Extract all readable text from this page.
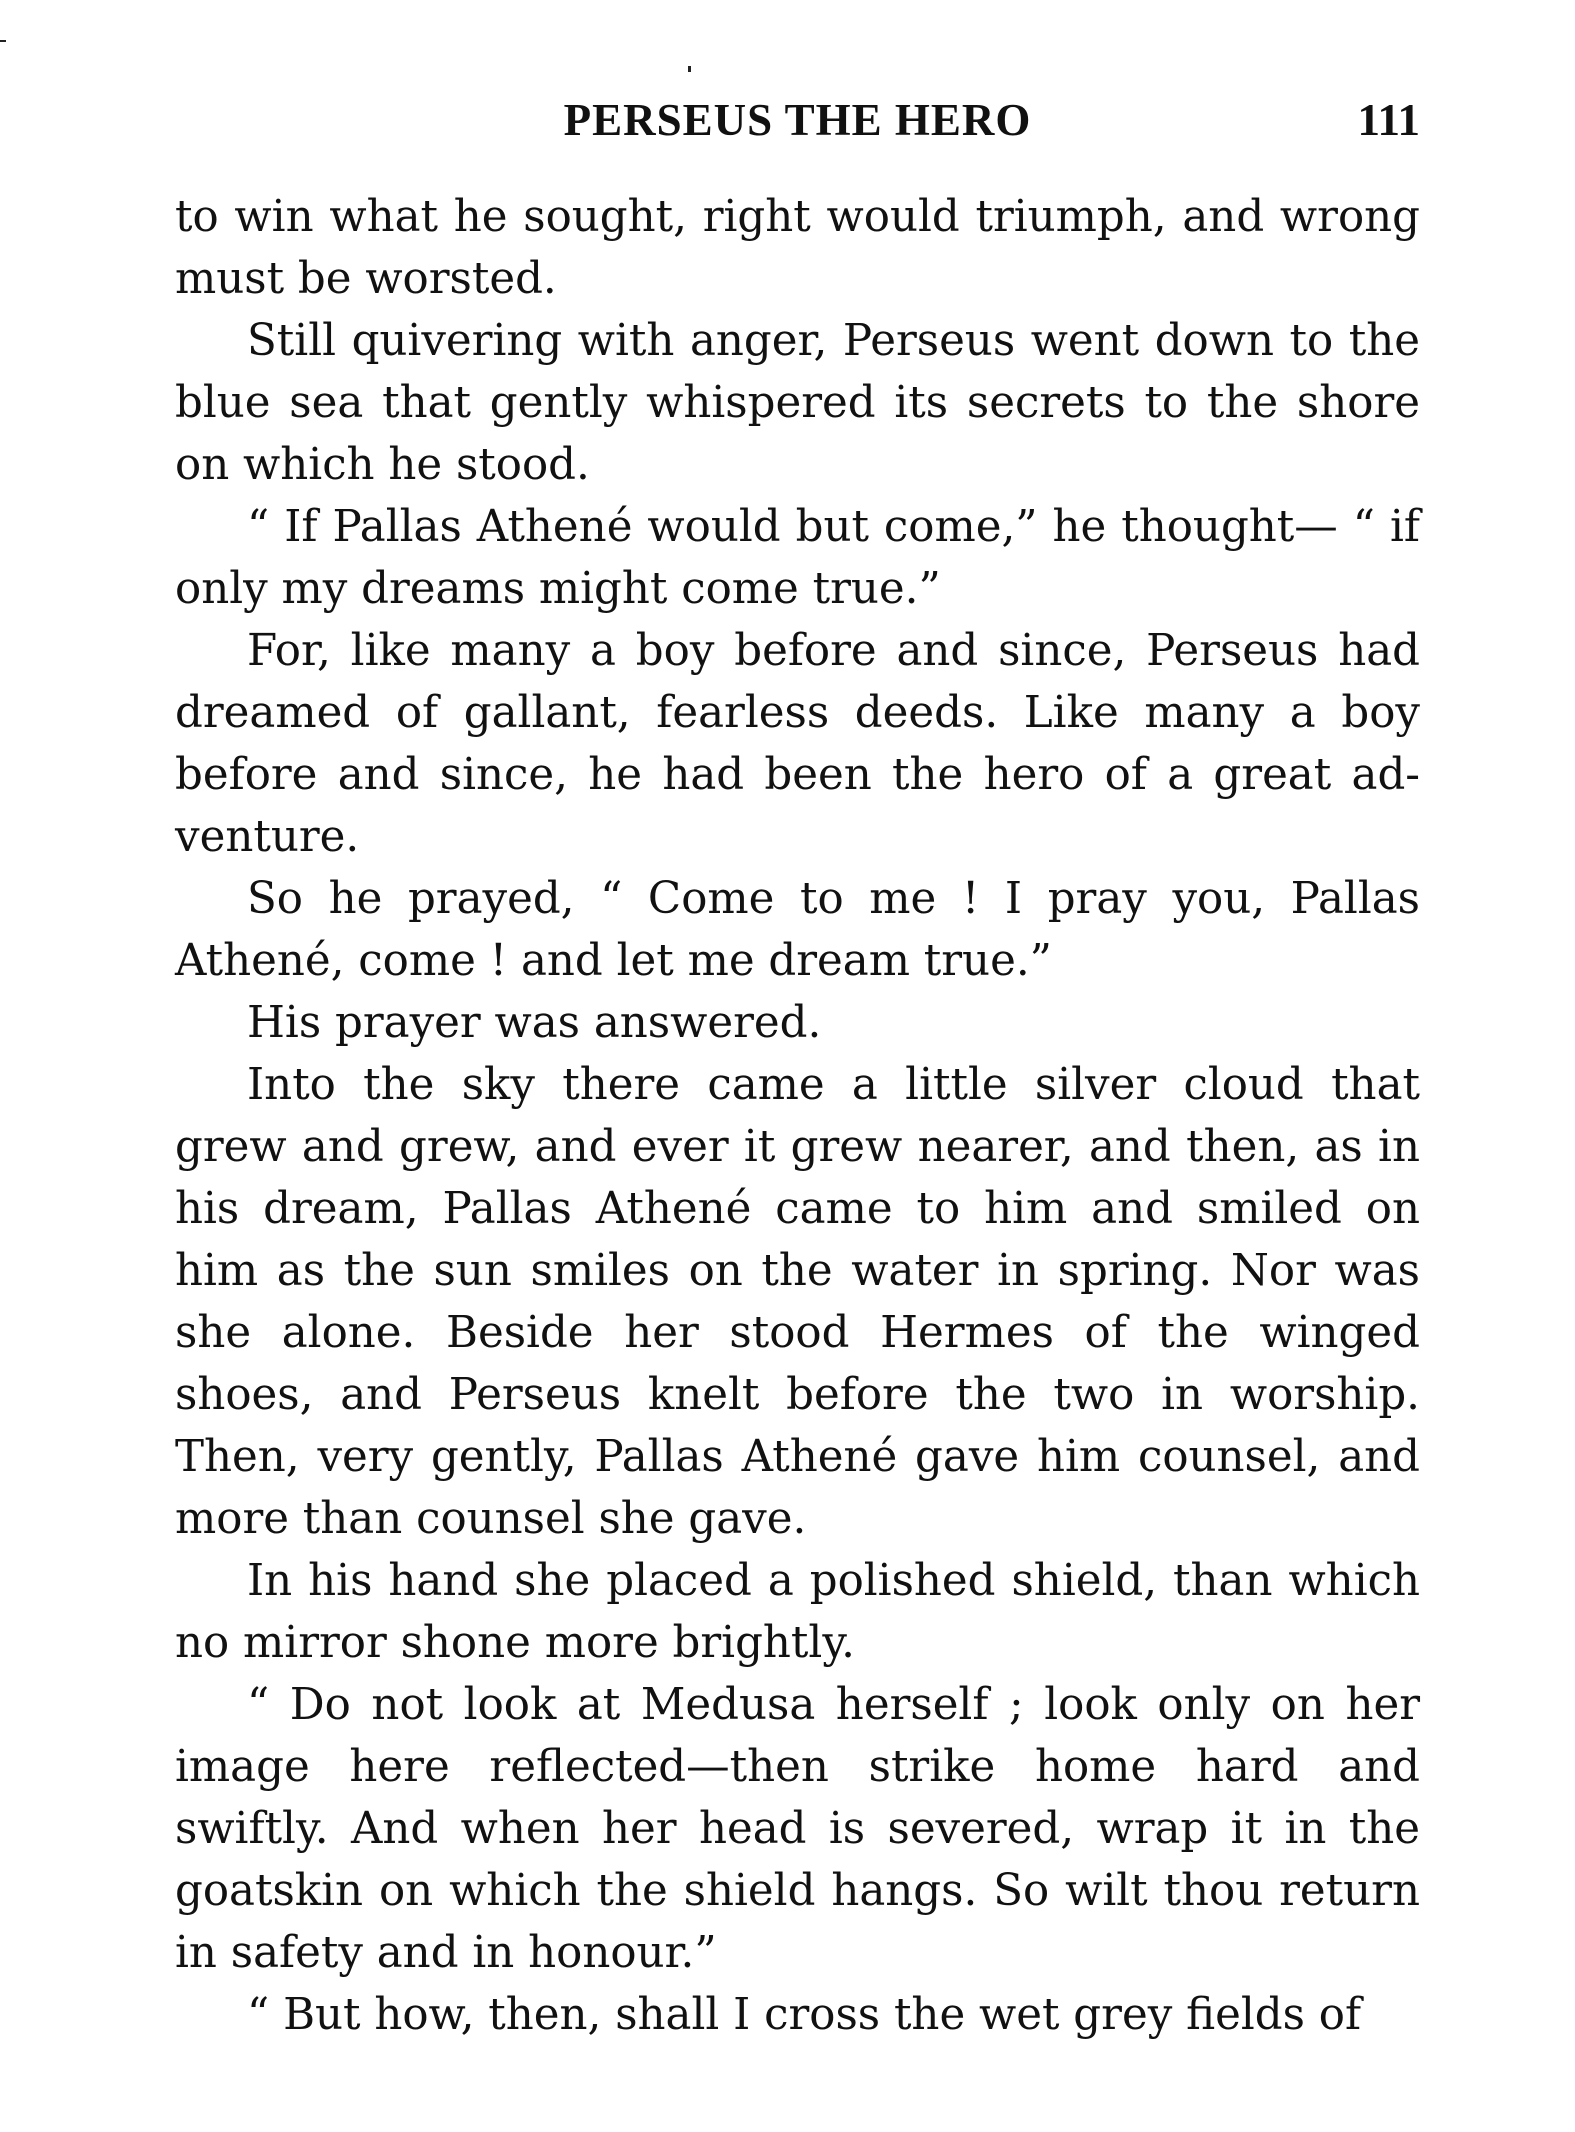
PERSEUS THE HERO	111

to win what he sought, right would triumph, and wrong must be worsted.

Still quivering with anger, Perseus went down to the blue sea that gently whispered its secrets to the shore on which he stood.

“ If Pallas Athené would but come,” he thought— “ if only my dreams might come true.”

For, like many a boy before and since, Perseus had dreamed of gallant, fearless deeds. Like many a boy before and since, he had been the hero of a great adventure.

So he prayed, “ Come to me ! I pray you, Pallas Athené, come ! and let me dream true.”

His prayer was answered.

Into the sky there came a little silver cloud that grew and grew, and ever it grew nearer, and then, as in his dream, Pallas Athené came to him and smiled on him as the sun smiles on the water in spring. Nor was she alone. Beside her stood Hermes of the winged shoes, and Perseus knelt before the two in worship. Then, very gently, Pallas Athené gave him counsel, and more than counsel she gave.

In his hand she placed a polished shield, than which no mirror shone more brightly.

“ Do not look at Medusa herself ; look only on her image here reflected—then strike home hard and swiftly. And when her head is severed, wrap it in the goatskin on which the shield hangs. So wilt thou return in safety and in honour.”

“ But how, then, shall I cross the wet grey fields of
